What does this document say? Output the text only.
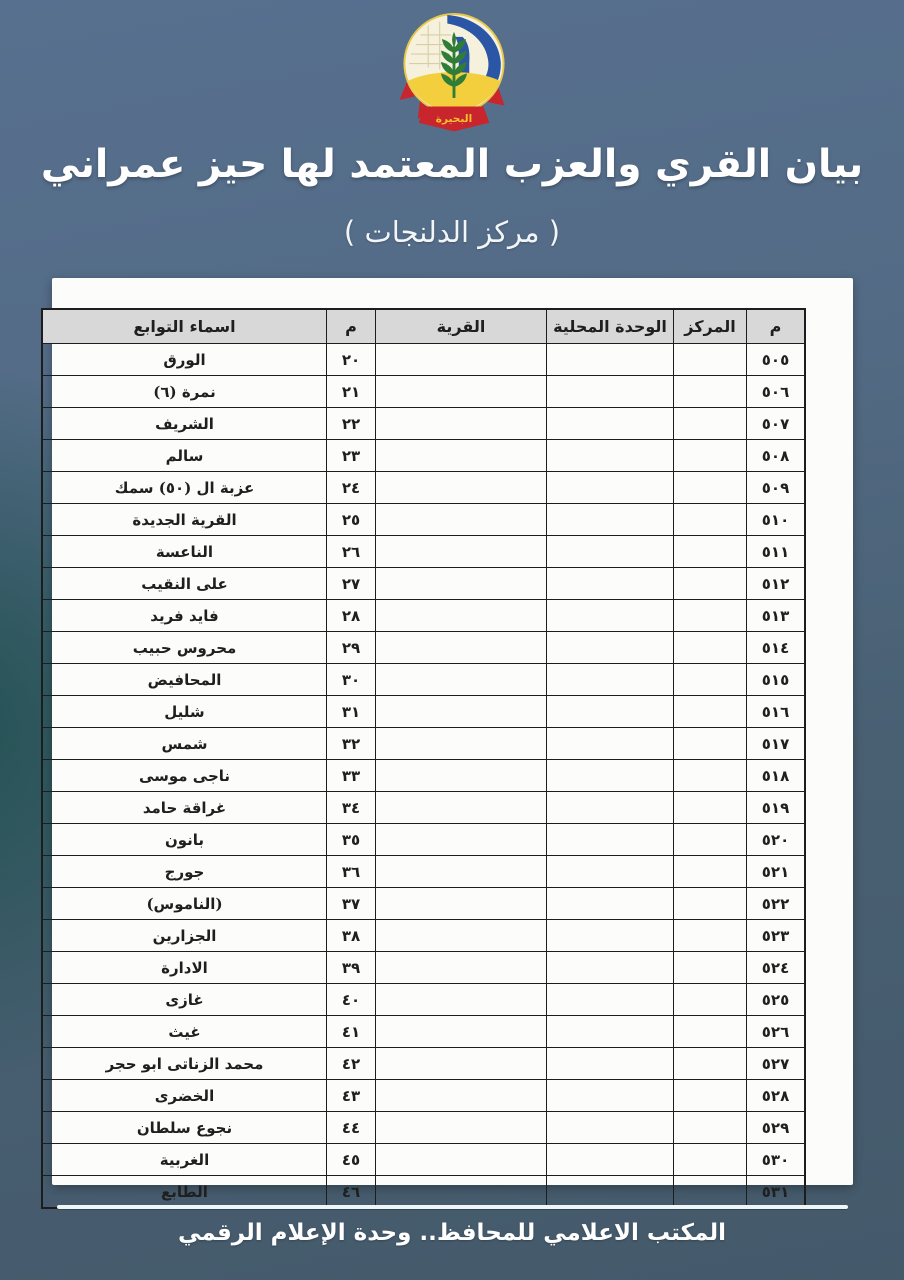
البحيرة
بيان القري والعزب المعتمد لها حيز عمراني
( مركز الدلنجات )
م	المركز	الوحدة المحلية	القرية	م	اسماء التوابع
٥٠٥				٢٠	الورق
٥٠٦				٢١	نمرة (٦)
٥٠٧				٢٢	الشريف
٥٠٨				٢٣	سالم
٥٠٩				٢٤	عزبة ال (٥٠) سمك
٥١٠				٢٥	القرية الجديدة
٥١١				٢٦	الناعسة
٥١٢				٢٧	على النقيب
٥١٣				٢٨	فايد فريد
٥١٤				٢٩	محروس حبيب
٥١٥				٣٠	المحافيض
٥١٦				٣١	شليل
٥١٧				٣٢	شمس
٥١٨				٣٣	ناجى موسى
٥١٩				٣٤	غراقة حامد
٥٢٠				٣٥	بانون
٥٢١				٣٦	جورج
٥٢٢				٣٧	(الناموس)
٥٢٣				٣٨	الجزارين
٥٢٤				٣٩	الادارة
٥٢٥				٤٠	غازى
٥٢٦				٤١	غيث
٥٢٧				٤٢	محمد الزناتى ابو حجر
٥٢٨				٤٣	الخضرى
٥٢٩				٤٤	نجوع سلطان
٥٣٠				٤٥	الغربية
٥٣١				٤٦	الطابع
المكتب الاعلامي للمحافظ.. وحدة الإعلام الرقمي
